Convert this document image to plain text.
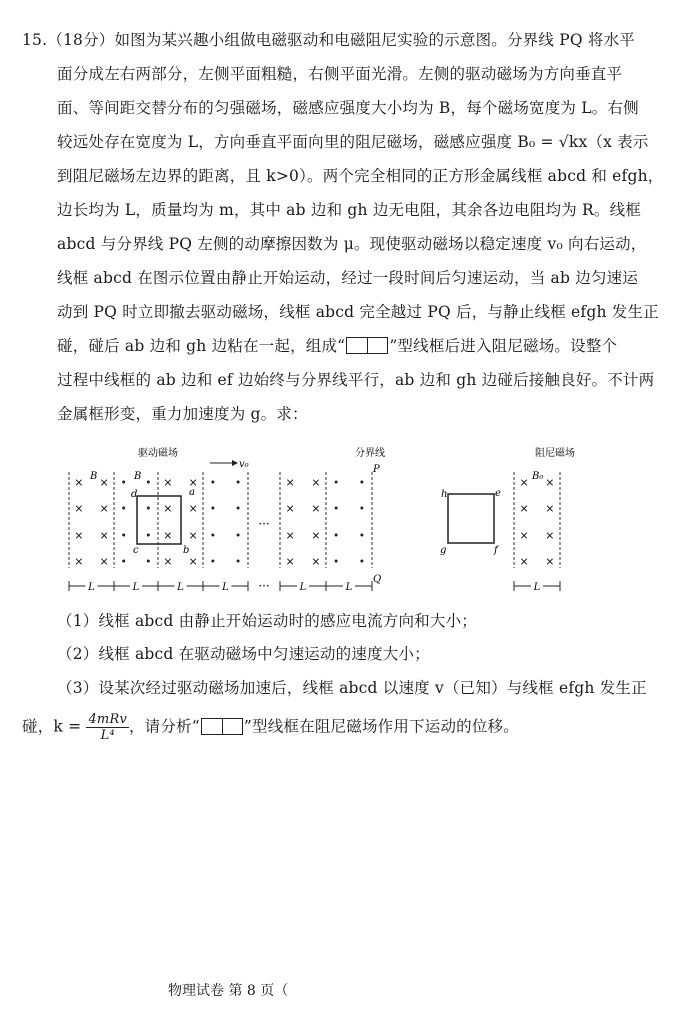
15.（18分）如图为某兴趣小组做电磁驱动和电磁阻尼实验的示意图。分界线 PQ 将水平
面分成左右两部分，左侧平面粗糙，右侧平面光滑。左侧的驱动磁场为方向垂直平
面、等间距交替分布的匀强磁场，磁感应强度大小均为 B，每个磁场宽度为 L。右侧
较远处存在宽度为 L，方向垂直平面向里的阻尼磁场，磁感应强度 B₀ = √kx（x 表示
到阻尼磁场左边界的距离，且 k>0）。两个完全相同的正方形金属线框 abcd 和 efgh，
边长均为 L，质量均为 m，其中 ab 边和 gh 边无电阻，其余各边电阻均为 R。线框
abcd 与分界线 PQ 左侧的动摩擦因数为 μ。现使驱动磁场以稳定速度 v₀ 向右运动，
线框 abcd 在图示位置由静止开始运动，经过一段时间后匀速运动，当 ab 边匀速运
动到 PQ 时立即撤去驱动磁场，线框 abcd 完全越过 PQ 后，与静止线框 efgh 发生正
碰，碰后 ab 边和 gh 边粘在一起，组成“	”型线框后进入阻尼磁场。设整个
过程中线框的 ab 边和 ef 边始终与分界线平行，ab 边和 gh 边碰后接触良好。不计两
金属框形变，重力加速度为 g。求：
×
×
×
×
×
×
×
×
×
×
×
×
×
×
×
×
×
×
×
×
×
×
×
×
×
×
×
×
×
×
×
×
v₀
驱动磁场	分界线	阻尼磁场
B	B	B₀
P
Q
a
b
c
d	e
f
g
h
···
···
L	L	L	L	L	L	L
（1）线框 abcd 由静止开始运动时的感应电流方向和大小；
（2）线框 abcd 在驱动磁场中匀速运动的速度大小；
（3）设某次经过驱动磁场加速后，线框 abcd 以速度 v（已知）与线框 efgh 发生正
碰，$k = \frac{\text{4mRv}}{\text{L⁴}}$ ，请分析“	”型线框在阻尼磁场作用下运动的位移。
物理试卷 第 8 页（
